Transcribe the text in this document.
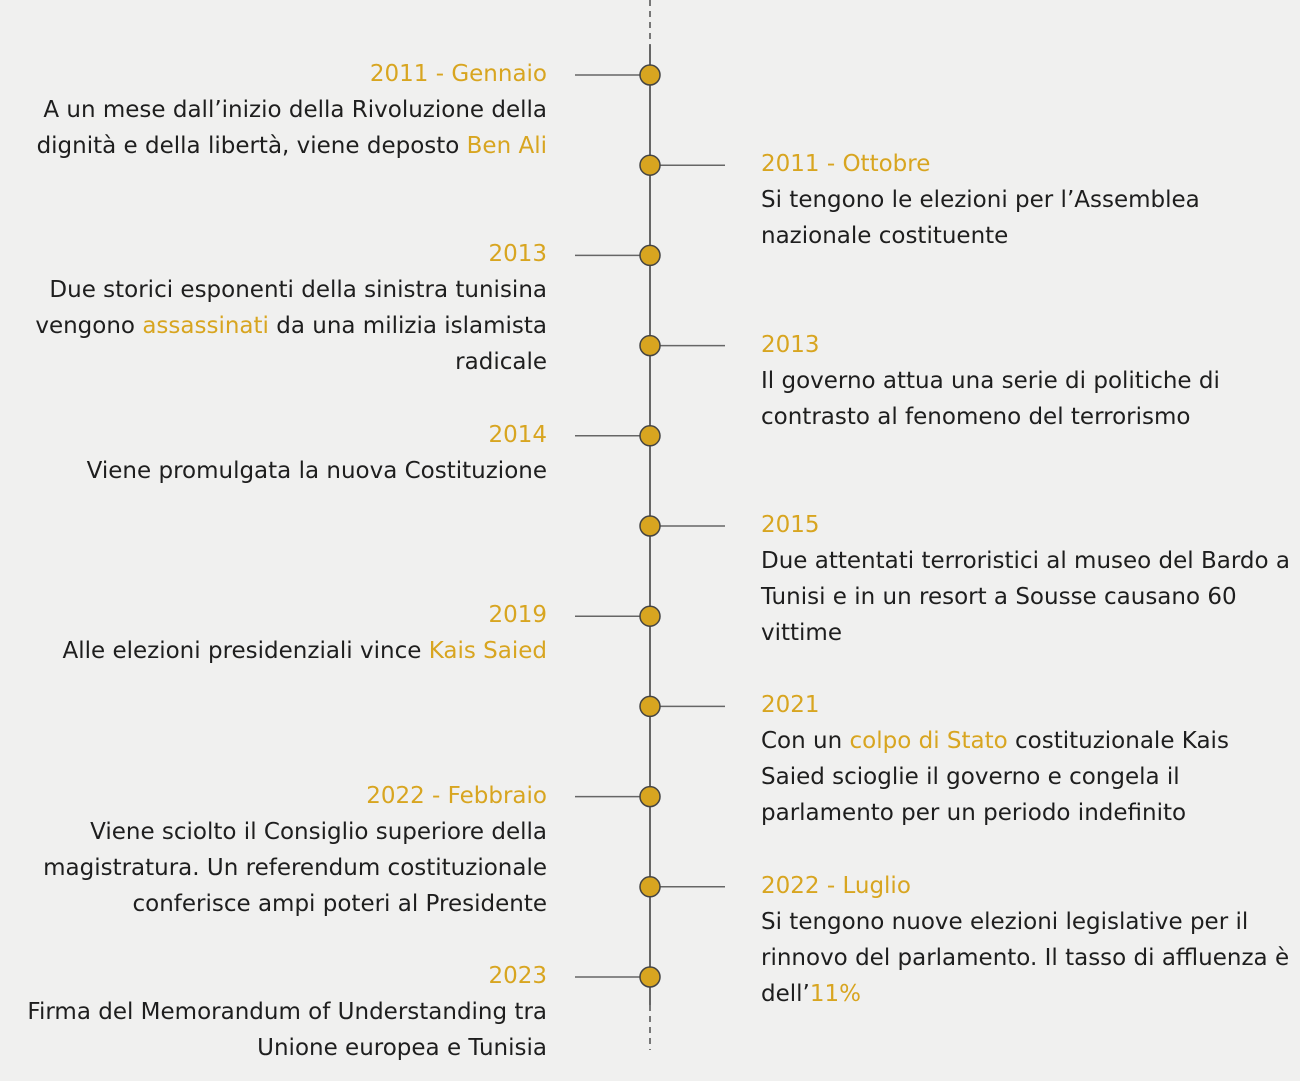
2011 - Gennaio
A un mese dall’inizio della Rivoluzione della dignità e della libertà, viene deposto Ben Ali
2011 - Ottobre
Si tengono le elezioni per l’Assemblea nazionale costituente
2013
Due storici esponenti della sinistra tunisina vengono assassinati da una milizia islamista radicale
2013
Il governo attua una serie di politiche di contrasto al fenomeno del terrorismo
2014
Viene promulgata la nuova Costituzione
2015
Due attentati terroristici al museo del Bardo a Tunisi e in un resort a Sousse causano 60 vittime
2019
Alle elezioni presidenziali vince Kais Saied
2021
Con un colpo di Stato costituzionale Kais Saied scioglie il governo e congela il parlamento per un periodo indefinito
2022 - Febbraio
Viene sciolto il Consiglio superiore della magistratura. Un referendum costituzionale conferisce ampi poteri al Presidente
2022 - Luglio
Si tengono nuove elezioni legislative per il rinnovo del parlamento. Il tasso di affluenza è dell’11%
2023
Firma del Memorandum of Understanding tra Unione europea e Tunisia
